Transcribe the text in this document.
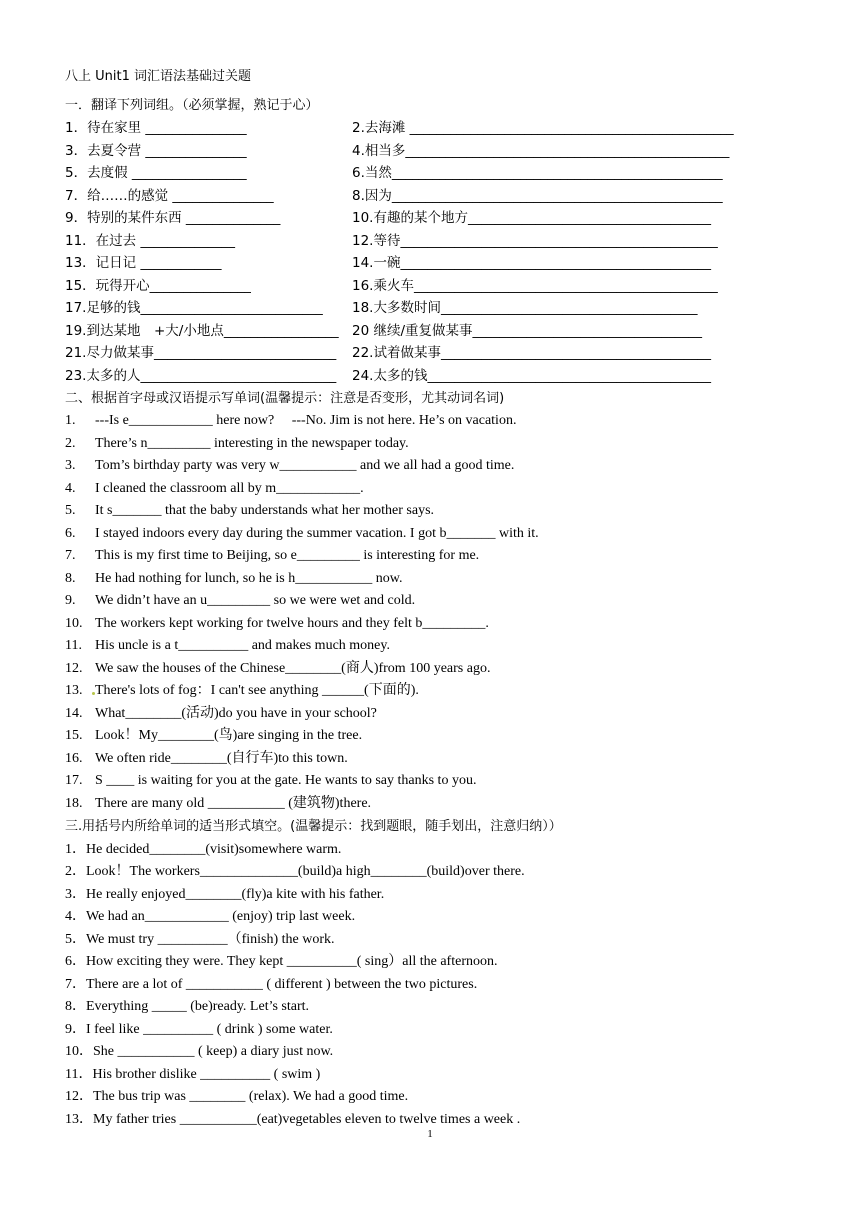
八上 Unit1 词汇语法基础过关题
一．翻译下列词组。（必须掌握，熟记于心）
1．待在家里 _______________	2.去海滩 ________________________________________________
3．去夏令营 _______________	4.相当多________________________________________________
5．去度假 _________________	6.当然_________________________________________________
7．给……的感觉 _______________	8.因为_________________________________________________
9．特别的某件东西 ______________	10.有趣的某个地方____________________________________
11．在过去 ______________	12.等待_______________________________________________
13．记日记 ____________	14.一碗______________________________________________
15．玩得开心_______________	16.乘火车_____________________________________________
17.足够的钱___________________________ 18.大多数时间______________________________________
19.到达某地　+大/小地点_________________ 20 继续/重复做某事__________________________________
21.尽力做某事___________________________ 22.试着做某事________________________________________
23.太多的人_____________________________ 24.太多的钱__________________________________________
二、根据首字母或汉语提示写单词(温馨提示：注意是否变形，尤其动词名词)
1. ---Is e____________ here now?　 ---No. Jim is not here. He’s on vacation.
2. There’s n_________ interesting in the newspaper today.
3. Tom’s birthday party was very w___________ and we all had a good time.
4. I cleaned the classroom all by m____________.
5. It s_______ that the baby understands what her mother says.
6. I stayed indoors every day during the summer vacation. I got b_______ with it.
7. This is my first time to Beijing, so e_________ is interesting for me.
8. He had nothing for lunch, so he is h___________ now.
9. We didn’t have an u_________ so we were wet and cold.
10. The workers kept working for twelve hours and they felt b_________.
11. His uncle is a t__________ and makes much money.
12. We saw the houses of the Chinese________(商人)from 100 years ago.
13. There's lots of fog：I can't see anything ______(下面的).
14. What________(活动)do you have in your school?
15. Look！My________(鸟)are singing in the tree.
16. We often ride________(自行车)to this town.
17. S ____ is waiting for you at the gate. He wants to say thanks to you.
18. There are many old ___________ (建筑物)there.
三.用括号内所给单词的适当形式填空。(温馨提示：找到题眼，随手划出，注意归纳））
1．He decided________(visit)somewhere warm.
2．Look！The workers______________(build)a high________(build)over there.
3．He really enjoyed________(fly)a kite with his father.
4．We had an____________ (enjoy) trip last week.
5．We must try __________（finish) the work.
6．How exciting they were. They kept __________( sing）all the afternoon.
7．There are a lot of ___________ ( different ) between the two pictures.
8．Everything _____ (be)ready. Let’s start.
9．I feel like __________ ( drink ) some water.
10．She ___________ ( keep) a diary just now.
11．His brother dislike __________ ( swim )
12．The bus trip was ________ (relax). We had a good time.
13．My father tries ___________(eat)vegetables eleven to twelve times a week .
1
